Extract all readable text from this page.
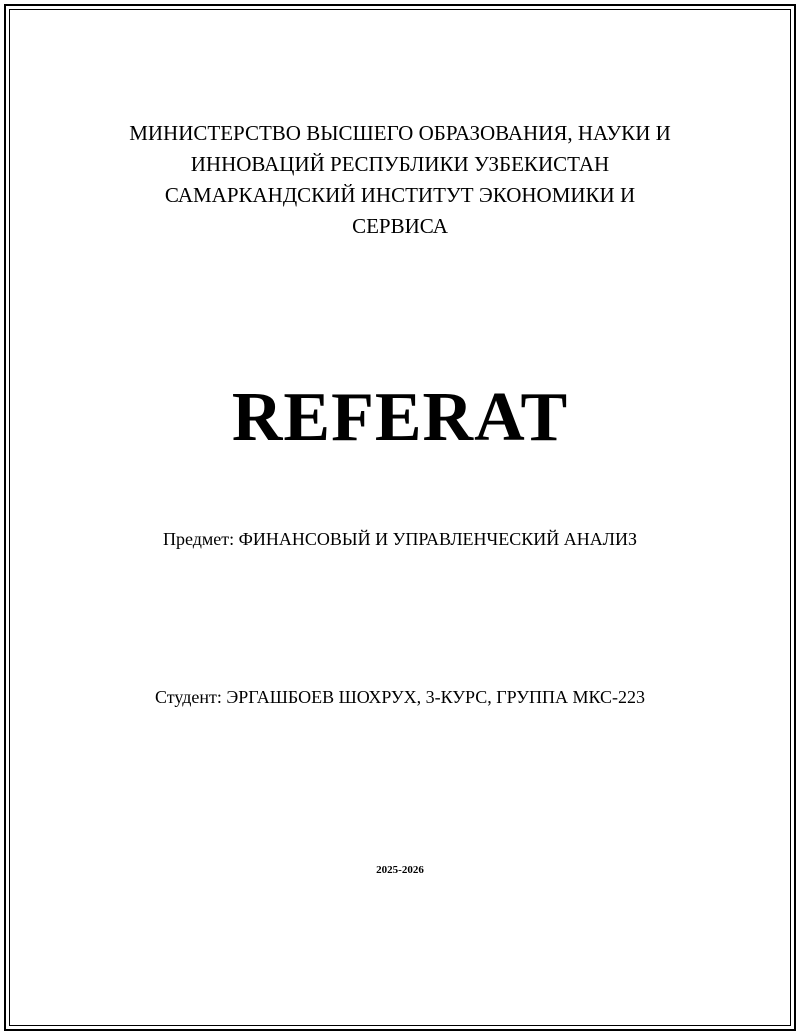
МИНИСТЕРСТВО ВЫСШЕГО ОБРАЗОВАНИЯ, НАУКИ И
ИННОВАЦИЙ РЕСПУБЛИКИ УЗБЕКИСТАН
САМАРКАНДСКИЙ ИНСТИТУТ ЭКОНОМИКИ И
СЕРВИСА
REFERAT
Предмет: ФИНАНСОВЫЙ И УПРАВЛЕНЧЕСКИЙ АНАЛИЗ
Студент: ЭРГАШБОЕВ ШОХРУХ, 3-КУРС, ГРУППА МКС-223
2025-2026
